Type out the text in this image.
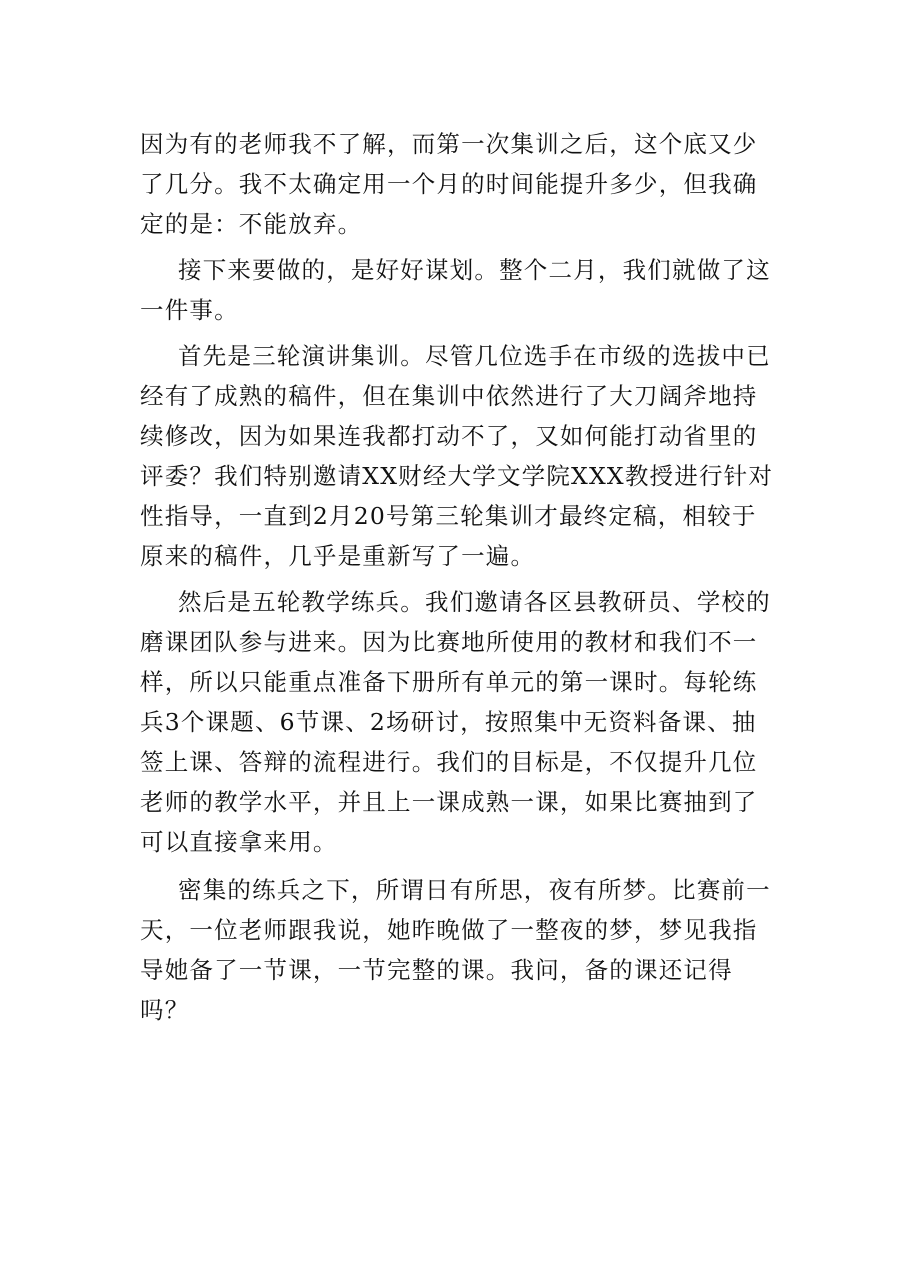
因为有的老师我不了解，而第一次集训之后，这个底又少了几分。我不太确定用一个月的时间能提升多少，但我确定的是：不能放弃。

接下来要做的，是好好谋划。整个二月，我们就做了这一件事。

首先是三轮演讲集训。尽管几位选手在市级的选拔中已经有了成熟的稿件，但在集训中依然进行了大刀阔斧地持续修改，因为如果连我都打动不了，又如何能打动省里的评委？我们特别邀请XX财经大学文学院XXX教授进行针对性指导，一直到2月20号第三轮集训才最终定稿，相较于原来的稿件，几乎是重新写了一遍。

然后是五轮教学练兵。我们邀请各区县教研员、学校的磨课团队参与进来。因为比赛地所使用的教材和我们不一样，所以只能重点准备下册所有单元的第一课时。每轮练兵3个课题、6节课、2场研讨，按照集中无资料备课、抽签上课、答辩的流程进行。我们的目标是，不仅提升几位老师的教学水平，并且上一课成熟一课，如果比赛抽到了可以直接拿来用。

密集的练兵之下，所谓日有所思，夜有所梦。比赛前一天，一位老师跟我说，她昨晚做了一整夜的梦，梦见我指导她备了一节课，一节完整的课。我问，备的课还记得吗？
